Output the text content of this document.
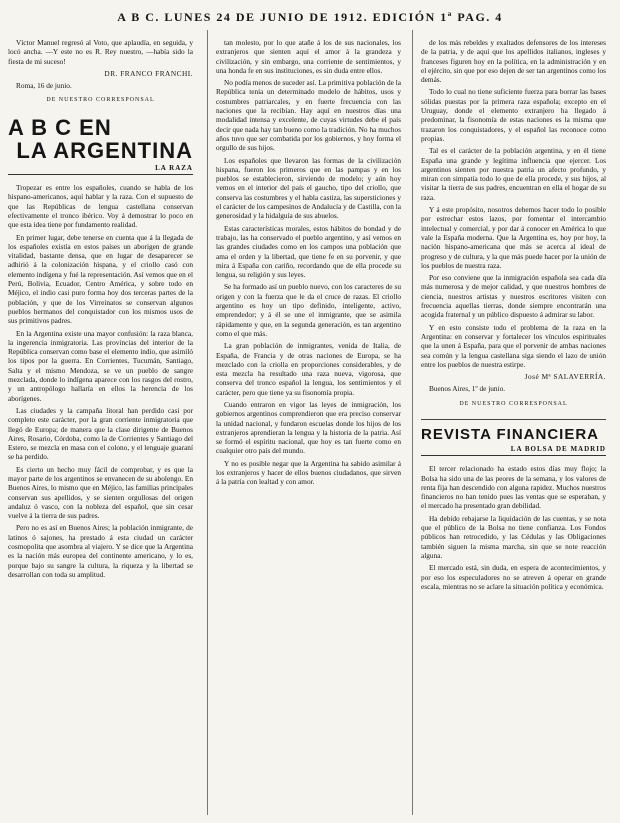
A B C. LUNES 24 DE JUNIO DE 1912. EDICIÓN 1ª PAG. 4

Víctor Manuel regresó al Voto, que aplaudía, en seguida, y locó ancha. —Y este no es R. Rey nuestro, —había sido la fiesta de mi suceso!

DR. FRANCO FRANCHI.
Roma, 16 de junio.
DE NUESTRO CORRESPONSAL
A B C EN
LA ARGENTINA
LA RAZA

Tropezar es entre los españoles, cuando se habla de los hispano-americanos, aquí hablar y la raza. Con el supuesto de que las Repúblicas de lengua castellana conservan efectivamente el tronco ibérico. Voy á demostrar lo poco en que esta idea tiene por fundamento realidad.

En primer lugar, debe tenerse en cuenta que á la llegada de los españoles existía en estos países un aborigen de grande vitalidad, bastante densa, que en lugar de desaparecer se adhirió á la colonización hispana, y el criollo casó con elemento indígena y fué la representación. Así vemos que en el Perú, Bolivia, Ecuador, Centro América, y sobre todo en Méjico, el indio casi puro forma hoy dos terceras partes de la población, y que de los Virreinatos se conservan algunos pueblos hermanos del conquistador con los mismos usos de sus primitivos padres.

En la Argentina existe una mayor confusión: la raza blanca, la ingerencia inmigratoria. Las provincias del interior de la República conservan como base el elemento indio, que asimiló los tipos por la guerra. En Corrientes, Tucumán, Santiago, Salta y el mismo Mendoza, se ve un pueblo de sangre mezclada, donde lo indígena aparece con los rasgos del rostro, y un antropólogo hallaría en ellos la herencia de los aborígenes.

Las ciudades y la campaña litoral han perdido casi por completo este carácter, por la gran corriente inmigratoria que llegó de Europa; de manera que la clase dirigente de Buenos Aires, Rosario, Córdoba, como la de Corrientes y Santiago del Estero, se mezcla en masa con el colono, y el lenguaje guaraní se ha perdido.

Es cierto un hecho muy fácil de comprobar, y es que la mayor parte de los argentinos se envanecen de su abolengo. En Buenos Aires, lo mismo que en Méjico, las familias principales conservan sus apellidos, y se sienten orgullosas del origen andaluz ó vasco, con la nobleza del español, que sin cesar vuelve á la tierra de sus padres.

Pero no es así en Buenos Aires; la población inmigrante, de latinos ó sajones, ha prestado á esta ciudad un carácter cosmopolita que asombra al viajero. Y se dice que la Argentina es la nación más europea del continente americano, y lo es, porque bajo su sangre la cultura, la riqueza y la libertad se desarrollan con toda su amplitud.

tan molesto, por lo que atañe á los de sus nacionales, los extranjeros que sienten aquí el amor á la grandeza y civilización, y sin embargo, una corriente de sentimientos, y una honda fe en sus instituciones, es sin duda entre ellos.

No podía menos de suceder así. La primitiva población de la República tenía un determinado modelo de hábitos, usos y costumbres patriarcales, y en fuerte frecuencia con las naciones que la recibían. Hay aquí en nuestros días una modalidad intensa y excelente, de cuyas virtudes debe el país decir que nada hay tan bueno como la tradición. No ha muchos años tuvo que ser combatida por los gobiernos, y hoy forma el orgullo de sus hijos.

Los españoles que llevaron las formas de la civilización hispana, fueron los primeros que en las pampas y en los pueblos se establecieron, sirviendo de modelo; y aún hoy vemos en el interior del país el gaucho, tipo del criollo, que conserva las costumbres y el habla castiza, las supersticiones y el carácter de los campesinos de Andalucía y de Castilla, con la generosidad y la hidalguía de sus abuelos.

Estas características morales, estos hábitos de bondad y de trabajo, las ha conservado el pueblo argentino, y así vemos en las grandes ciudades como en los campos una población que ama el orden y la libertad, que tiene fe en su porvenir, y que mira á España con cariño, recordando que de ella procede su lengua, su religión y sus leyes.

Se ha formado así un pueblo nuevo, con los caracteres de su origen y con la fuerza que le da el cruce de razas. El criollo argentino es hoy un tipo definido, inteligente, activo, emprendedor; y á él se une el inmigrante, que se asimila rápidamente y que, en la segunda generación, es tan argentino como el que más.

La gran población de inmigrantes, venida de Italia, de España, de Francia y de otras naciones de Europa, se ha mezclado con la criolla en proporciones considerables, y de esta mezcla ha resultado una raza nueva, vigorosa, que conserva del tronco español la lengua, los sentimientos y el carácter, pero que tiene ya su fisonomía propia.

Cuando entraron en vigor las leyes de inmigración, los gobiernos argentinos comprendieron que era preciso conservar la unidad nacional, y fundaron escuelas donde los hijos de los extranjeros aprendieran la lengua y la historia de la patria. Así se formó el espíritu nacional, que hoy es tan fuerte como en cualquier otro país del mundo.

Y no es posible negar que la Argentina ha sabido asimilar á los extranjeros y hacer de ellos buenos ciudadanos, que sirven á la patria con lealtad y con amor.

de los más rebeldes y exaltados defensores de los intereses de la patria, y de aquí que los apellidos italianos, ingleses y franceses figuren hoy en la política, en la administración y en el ejército, sin que por eso dejen de ser tan argentinos como los demás.

Todo lo cual no tiene suficiente fuerza para borrar las bases sólidas puestas por la primera raza española; excepto en el Uruguay, donde el elemento extranjero ha llegado á predominar, la fisonomía de estas naciones es la misma que trazaron los conquistadores, y el español las reconoce como propias.

Tal es el carácter de la población argentina, y en él tiene España una grande y legítima influencia que ejercer. Los argentinos sienten por nuestra patria un afecto profundo, y miran con simpatía todo lo que de ella procede, y sus hijos, al visitar la tierra de sus padres, encuentran en ella el hogar de su raza.

Y á este propósito, nosotros debemos hacer todo lo posible por estrechar estos lazos, por fomentar el intercambio intelectual y comercial, y por dar á conocer en América lo que vale la España moderna. Que la Argentina es, hoy por hoy, la nación hispano-americana que más se acerca al ideal de progreso y de cultura, y la que más puede hacer por la unión de los pueblos de nuestra raza.

Por eso conviene que la inmigración española sea cada día más numerosa y de mejor calidad, y que nuestros hombres de ciencia, nuestros artistas y nuestros escritores visiten con frecuencia aquellas tierras, donde siempre encontrarán una acogida fraternal y un público dispuesto á admirar su labor.

Y en esto consiste todo el problema de la raza en la Argentina: en conservar y fortalecer los vínculos espirituales que la unen á España, para que el porvenir de ambas naciones sea común y la lengua castellana siga siendo el lazo de unión entre los pueblos de nuestra estirpe.

José Mª SALAVERRÍA.
Buenos Aires, 1º de junio.
DE NUESTRO CORRESPONSAL
REVISTA FINANCIERA
LA BOLSA DE MADRID

El tercer relacionado ha estado estos días muy flojo; la Bolsa ha sido una de las peores de la semana, y los valores de renta fija han descendido con alguna rapidez. Muchos nuestros financieros no han tenido pues las ventas que se esperaban, y el mercado ha presentado gran debilidad.

Ha debido rebajarse la liquidación de las cuentas, y se nota que el público de la Bolsa no tiene confianza. Los Fondos públicos han retrocedido, y las Cédulas y las Obligaciones también siguen la misma marcha, sin que se note reacción alguna.

El mercado está, sin duda, en espera de acontecimientos, y por eso los especuladores no se atreven á operar en grande escala, mientras no se aclare la situación política y económica.
